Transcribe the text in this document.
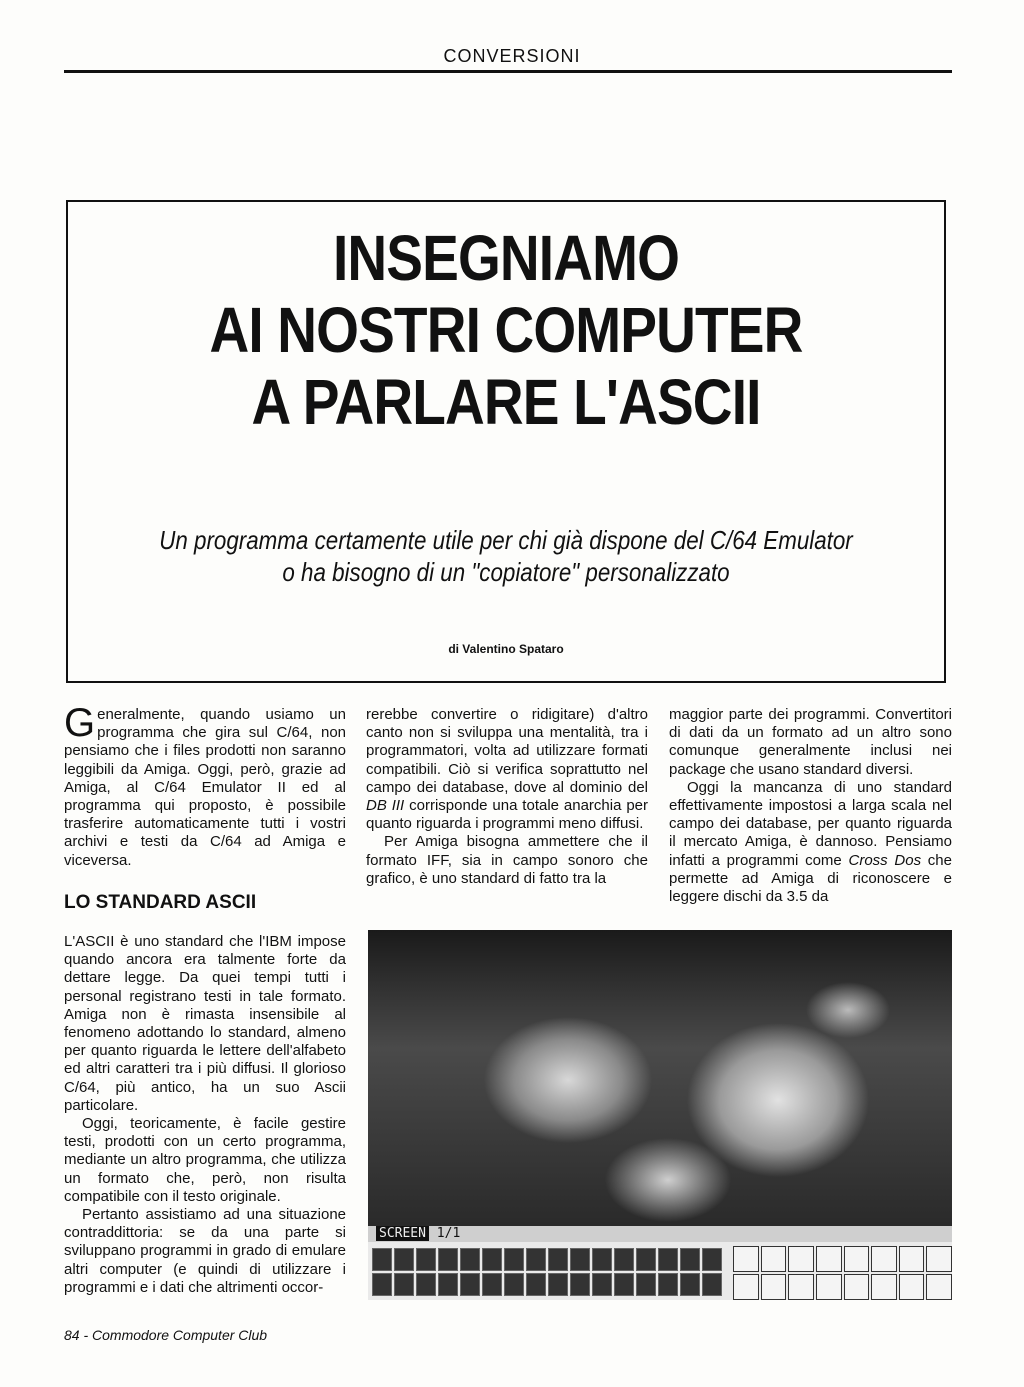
CONVERSIONI
INSEGNIAMO
AI NOSTRI COMPUTER
A PARLARE L'ASCII
Un programma certamente utile per chi già dispone del C/64 Emulator o ha bisogno di un "copiatore" personalizzato
di Valentino Spataro

Generalmente, quando usiamo un programma che gira sul C/64, non pensiamo che i files prodotti non saranno leggibili da Amiga. Oggi, però, grazie ad Amiga, al C/64 Emulator II ed al programma qui proposto, è possibile trasferire automaticamente tutti i vostri archivi e testi da C/64 ad Amiga e viceversa.

LO STANDARD ASCII

L'ASCII è uno standard che l'IBM impose quando ancora era talmente forte da dettare legge. Da quei tempi tutti i personal registrano testi in tale formato. Amiga non è rimasta insensibile al fenomeno adottando lo standard, almeno per quanto riguarda le lettere dell'alfabeto ed altri caratteri tra i più diffusi. Il glorioso C/64, più antico, ha un suo Ascii particolare.

Oggi, teoricamente, è facile gestire testi, prodotti con un certo programma, mediante un altro programma, che utilizza un formato che, però, non risulta compatibile con il testo originale.

Pertanto assistiamo ad una situazione contraddittoria: se da una parte si sviluppano programmi in grado di emulare altri computer (e quindi di utilizzare i programmi e i dati che altrimenti occor-

rerebbe convertire o ridigitare) d'altro canto non si sviluppa una mentalità, tra i programmatori, volta ad utilizzare formati compatibili. Ciò si verifica soprattutto nel campo dei database, dove al dominio del DB III corrisponde una totale anarchia per quanto riguarda i programmi meno diffusi.

Per Amiga bisogna ammettere che il formato IFF, sia in campo sonoro che grafico, è uno standard di fatto tra la

maggior parte dei programmi. Convertitori di dati da un formato ad un altro sono comunque generalmente inclusi nei package che usano standard diversi.

Oggi la mancanza di uno standard effettivamente impostosi a larga scala nel campo dei database, per quanto riguarda il mercato Amiga, è dannoso. Pensiamo infatti a programmi come Cross Dos che permette ad Amiga di riconoscere e leggere dischi da 3.5 da

SCREEN 1/1
84 - Commodore Computer Club
